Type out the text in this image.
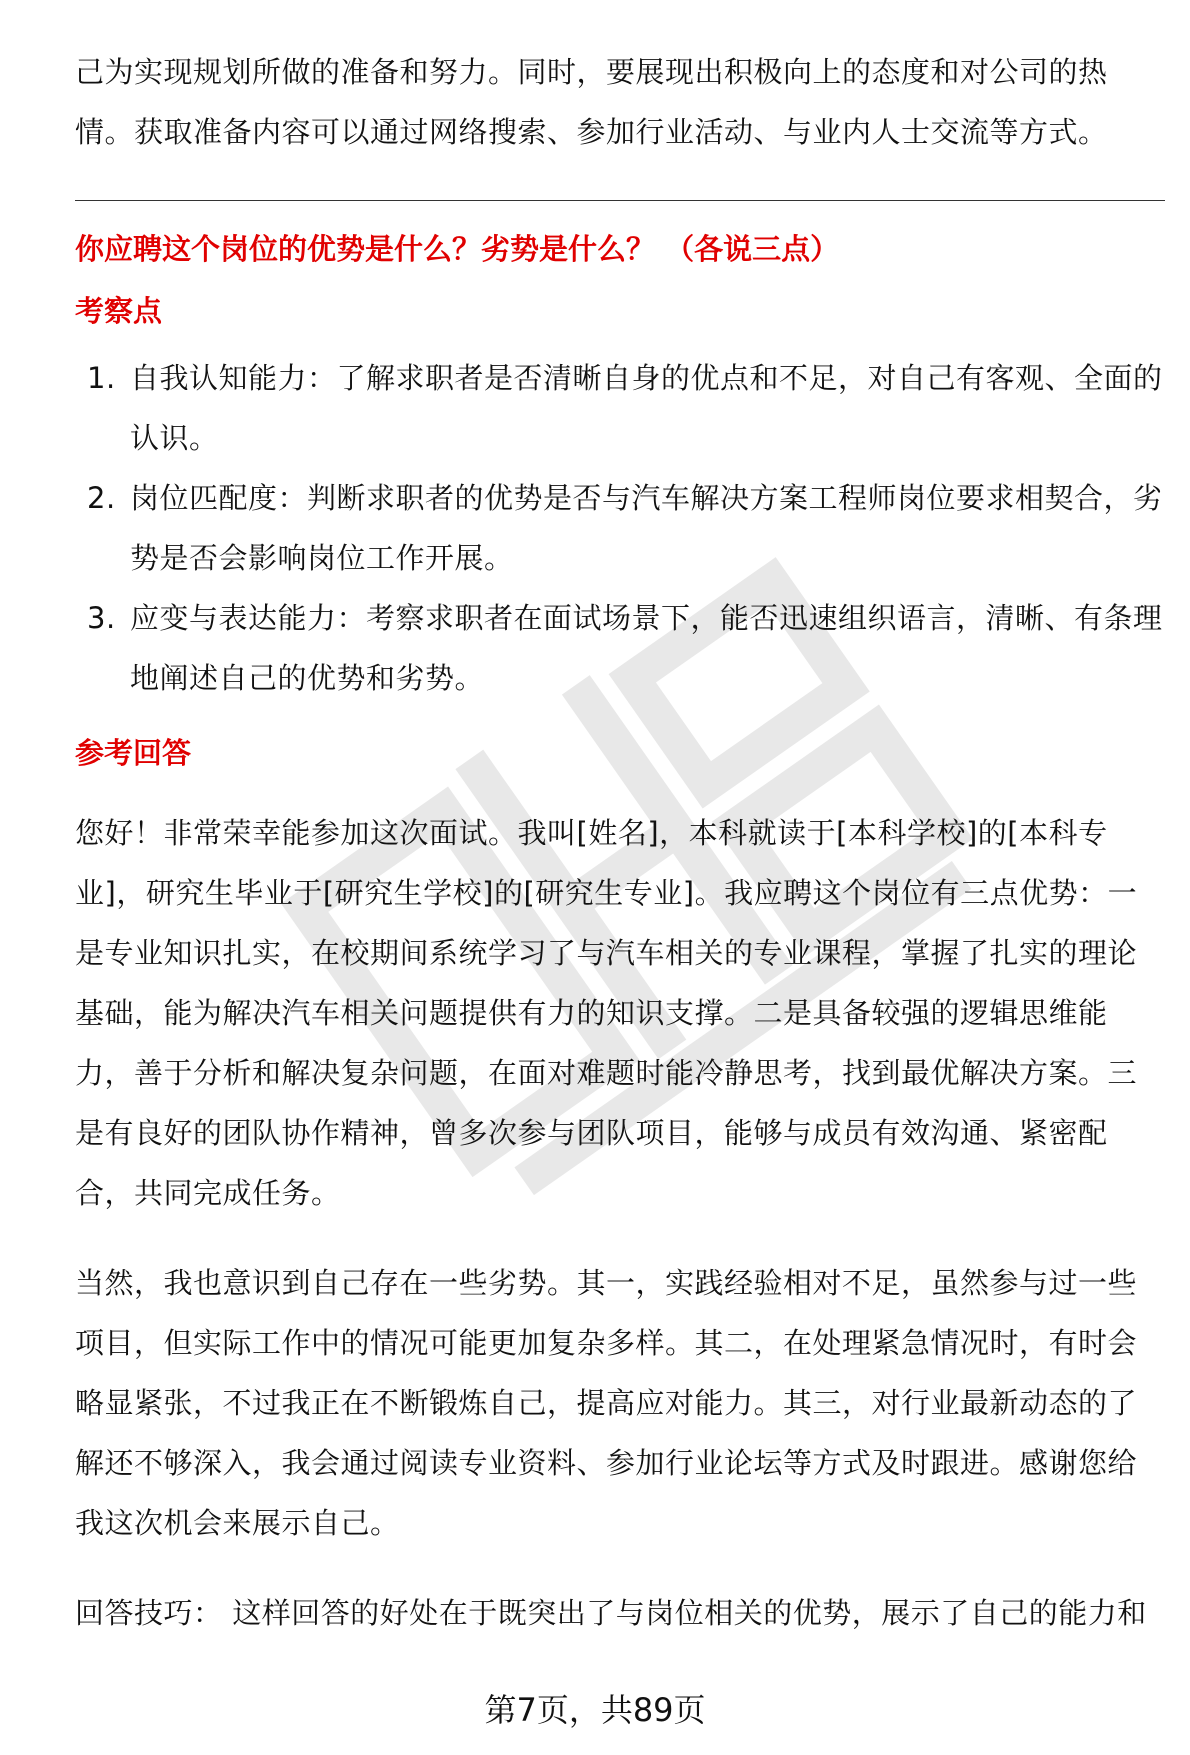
己为实现规划所做的准备和努力。同时，要展现出积极向上的态度和对公司的热情。获取准备内容可以通过网络搜索、参加行业活动、与业内人士交流等方式。

你应聘这个岗位的优势是什么？劣势是什么？ （各说三点）

考察点

1. 自我认知能力：了解求职者是否清晰自身的优点和不足，对自己有客观、全面的认识。
2. 岗位匹配度：判断求职者的优势是否与汽车解决方案工程师岗位要求相契合，劣势是否会影响岗位工作开展。
3. 应变与表达能力：考察求职者在面试场景下，能否迅速组织语言，清晰、有条理地阐述自己的优势和劣势。

参考回答

您好！非常荣幸能参加这次面试。我叫[姓名]，本科就读于[本科学校]的[本科专业]，研究生毕业于[研究生学校]的[研究生专业]。我应聘这个岗位有三点优势：一是专业知识扎实，在校期间系统学习了与汽车相关的专业课程，掌握了扎实的理论基础，能为解决汽车相关问题提供有力的知识支撑。二是具备较强的逻辑思维能力，善于分析和解决复杂问题，在面对难题时能冷静思考，找到最优解决方案。三是有良好的团队协作精神，曾多次参与团队项目，能够与成员有效沟通、紧密配合，共同完成任务。

当然，我也意识到自己存在一些劣势。其一，实践经验相对不足，虽然参与过一些项目，但实际工作中的情况可能更加复杂多样。其二，在处理紧急情况时，有时会略显紧张，不过我正在不断锻炼自己，提高应对能力。其三，对行业最新动态的了解还不够深入，我会通过阅读专业资料、参加行业论坛等方式及时跟进。感谢您给我这次机会来展示自己。

回答技巧： 这样回答的好处在于既突出了与岗位相关的优势，展示了自己的能力和

第7页，共89页
